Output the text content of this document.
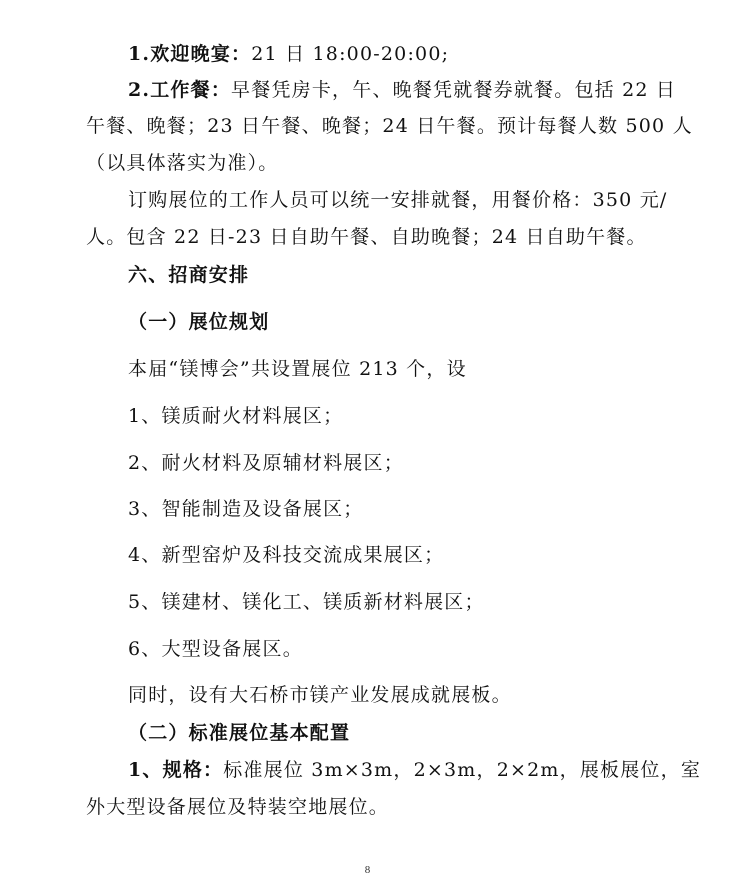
1.欢迎晚宴：21 日 18:00-20:00;
2.工作餐：早餐凭房卡，午、晚餐凭就餐券就餐。包括 22 日
午餐、晚餐；23 日午餐、晚餐；24 日午餐。预计每餐人数 500 人
（以具体落实为准）。
订购展位的工作人员可以统一安排就餐，用餐价格：350 元/
人。包含 22 日-23 日自助午餐、自助晚餐；24 日自助午餐。
六、招商安排
（一）展位规划
本届“镁博会”共设置展位 213 个，设
1、镁质耐火材料展区；
2、耐火材料及原辅材料展区；
3、智能制造及设备展区；
4、新型窑炉及科技交流成果展区；
5、镁建材、镁化工、镁质新材料展区；
6、大型设备展区。
同时，设有大石桥市镁产业发展成就展板。
（二）标准展位基本配置
1、规格：标准展位 3m×3m，2×3m，2×2m，展板展位，室
外大型设备展位及特装空地展位。
8
